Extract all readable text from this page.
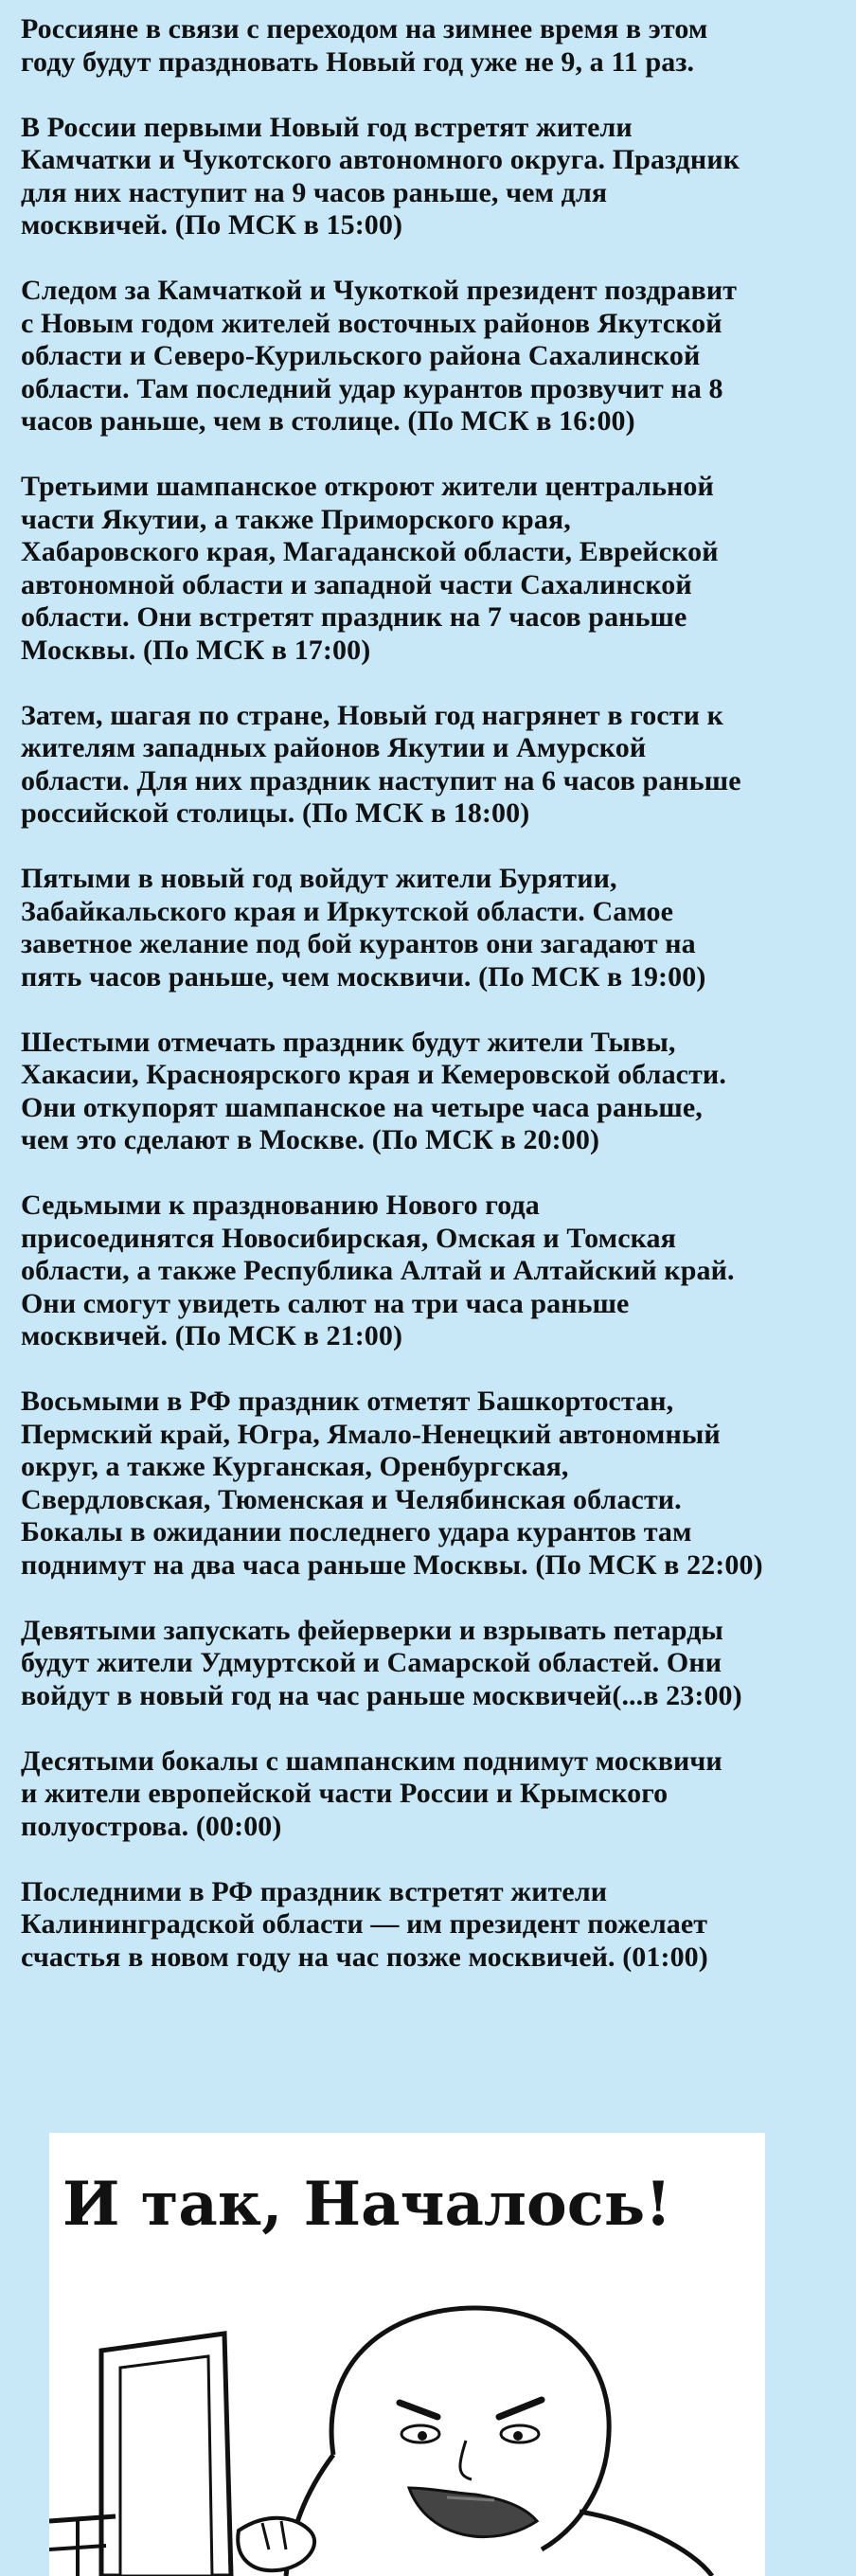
Россияне в связи с переходом на зимнее время в этом
году будут праздновать Новый год уже не 9, а 11 раз.

В России первыми Новый год встретят жители
Камчатки и Чукотского автономного округа. Праздник
для них наступит на 9 часов раньше, чем для
москвичей. (По МСК в 15:00)

Следом за Камчаткой и Чукоткой президент поздравит
с Новым годом жителей восточных районов Якутской
области и Северо-Курильского района Сахалинской
области. Там последний удар курантов прозвучит на 8
часов раньше, чем в столице. (По МСК в 16:00)

Третьими шампанское откроют жители центральной
части Якутии, а также Приморского края,
Хабаровского края, Магаданской области, Еврейской
автономной области и западной части Сахалинской
области. Они встретят праздник на 7 часов раньше
Москвы. (По МСК в 17:00)

Затем, шагая по стране, Новый год нагрянет в гости к
жителям западных районов Якутии и Амурской
области. Для них праздник наступит на 6 часов раньше
российской столицы. (По МСК в 18:00)

Пятыми в новый год войдут жители Бурятии,
Забайкальского края и Иркутской области. Самое
заветное желание под бой курантов они загадают на
пять часов раньше, чем москвичи. (По МСК в 19:00)

Шестыми отмечать праздник будут жители Тывы,
Хакасии, Красноярского края и Кемеровской области.
Они откупорят шампанское на четыре часа раньше,
чем это сделают в Москве. (По МСК в 20:00)

Седьмыми к празднованию Нового года
присоединятся Новосибирская, Омская и Томская
области, а также Республика Алтай и Алтайский край.
Они смогут увидеть салют на три часа раньше
москвичей. (По МСК в 21:00)

Восьмыми в РФ праздник отметят Башкортостан,
Пермский край, Югра, Ямало-Ненецкий автономный
округ, а также Курганская, Оренбургская,
Свердловская, Тюменская и Челябинская области.
Бокалы в ожидании последнего удара курантов там
поднимут на два часа раньше Москвы. (По МСК в 22:00)

Девятыми запускать фейерверки и взрывать петарды
будут жители Удмуртской и Самарской областей. Они
войдут в новый год на час раньше москвичей(...в 23:00)

Десятыми бокалы с шампанским поднимут москвичи
и жители европейской части России и Крымского
полуострова. (00:00)

Последними в РФ праздник встретят жители
Калининградской области — им президент пожелает
счастья в новом году на час позже москвичей. (01:00)

И так, Началось!
